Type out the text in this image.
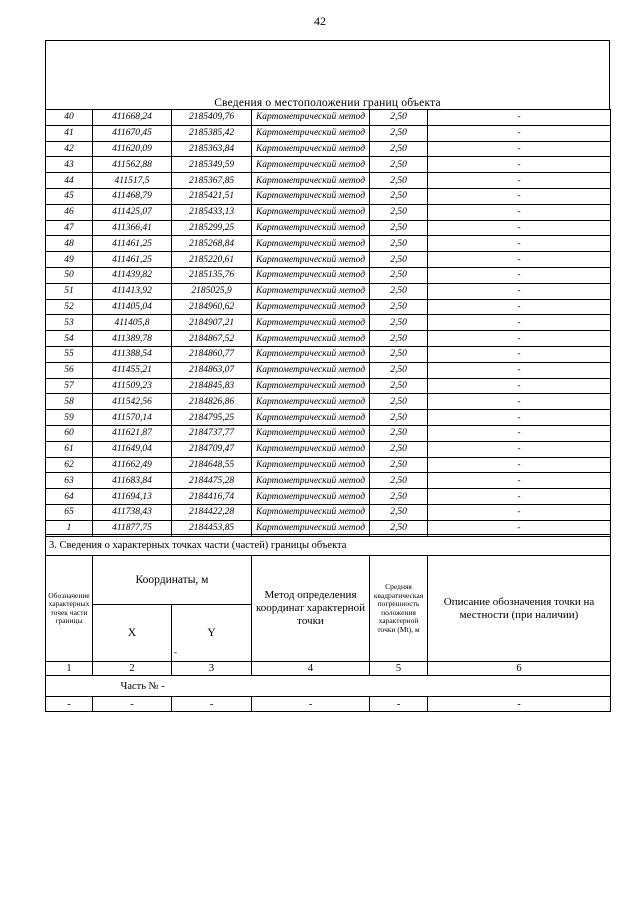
42
Сведения о местоположении границ объекта
40	411668,24	2185409,76	Картометрический метод	2,50	-
41	411670,45	2185385,42	Картометрический метод	2,50	-
42	411620,09	2185363,84	Картометрический метод	2,50	-
43	411562,88	2185349,59	Картометрический метод	2,50	-
44	411517,5	2185367,85	Картометрический метод	2,50	-
45	411468,79	2185421,51	Картометрический метод	2,50	-
46	411425,07	2185433,13	Картометрический метод	2,50	-
47	411366,41	2185299,25	Картометрический метод	2,50	-
48	411461,25	2185268,84	Картометрический метод	2,50	-
49	411461,25	2185220,61	Картометрический метод	2,50	-
50	411439,82	2185135,76	Картометрический метод	2,50	-
51	411413,92	2185025,9	Картометрический метод	2,50	-
52	411405,04	2184960,62	Картометрический метод	2,50	-
53	411405,8	2184907,21	Картометрический метод	2,50	-
54	411389,78	2184867,52	Картометрический метод	2,50	-
55	411388,54	2184860,77	Картометрический метод	2,50	-
56	411455,21	2184863,07	Картометрический метод	2,50	-
57	411509,23	2184845,83	Картометрический метод	2,50	-
58	411542,56	2184826,86	Картометрический метод	2,50	-
59	411570,14	2184795,25	Картометрический метод	2,50	-
60	411621,87	2184737,77	Картометрический метод	2,50	-
61	411649,04	2184709,47	Картометрический метод	2,50	-
62	411662,49	2184648,55	Картометрический метод	2,50	-
63	411683,84	2184475,28	Картометрический метод	2,50	-
64	411694,13	2184416,74	Картометрический метод	2,50	-
65	411738,43	2184422,28	Картометрический метод	2,50	-
1	411877,75	2184453,85	Картометрический метод	2,50	-
3. Сведения о характерных точках части (частей) границы объекта					
Обозначение характерных точек части границы	Координаты, м		Метод определения координат характерной точки	Средняя квадратическая погрешность положения характерной точки (Мt), м	Описание обозначения точки на местности (при наличии)
	X	Y
-			

1	2	3	4	5	6
	Часть № -				
-	-	-	-	-	-
